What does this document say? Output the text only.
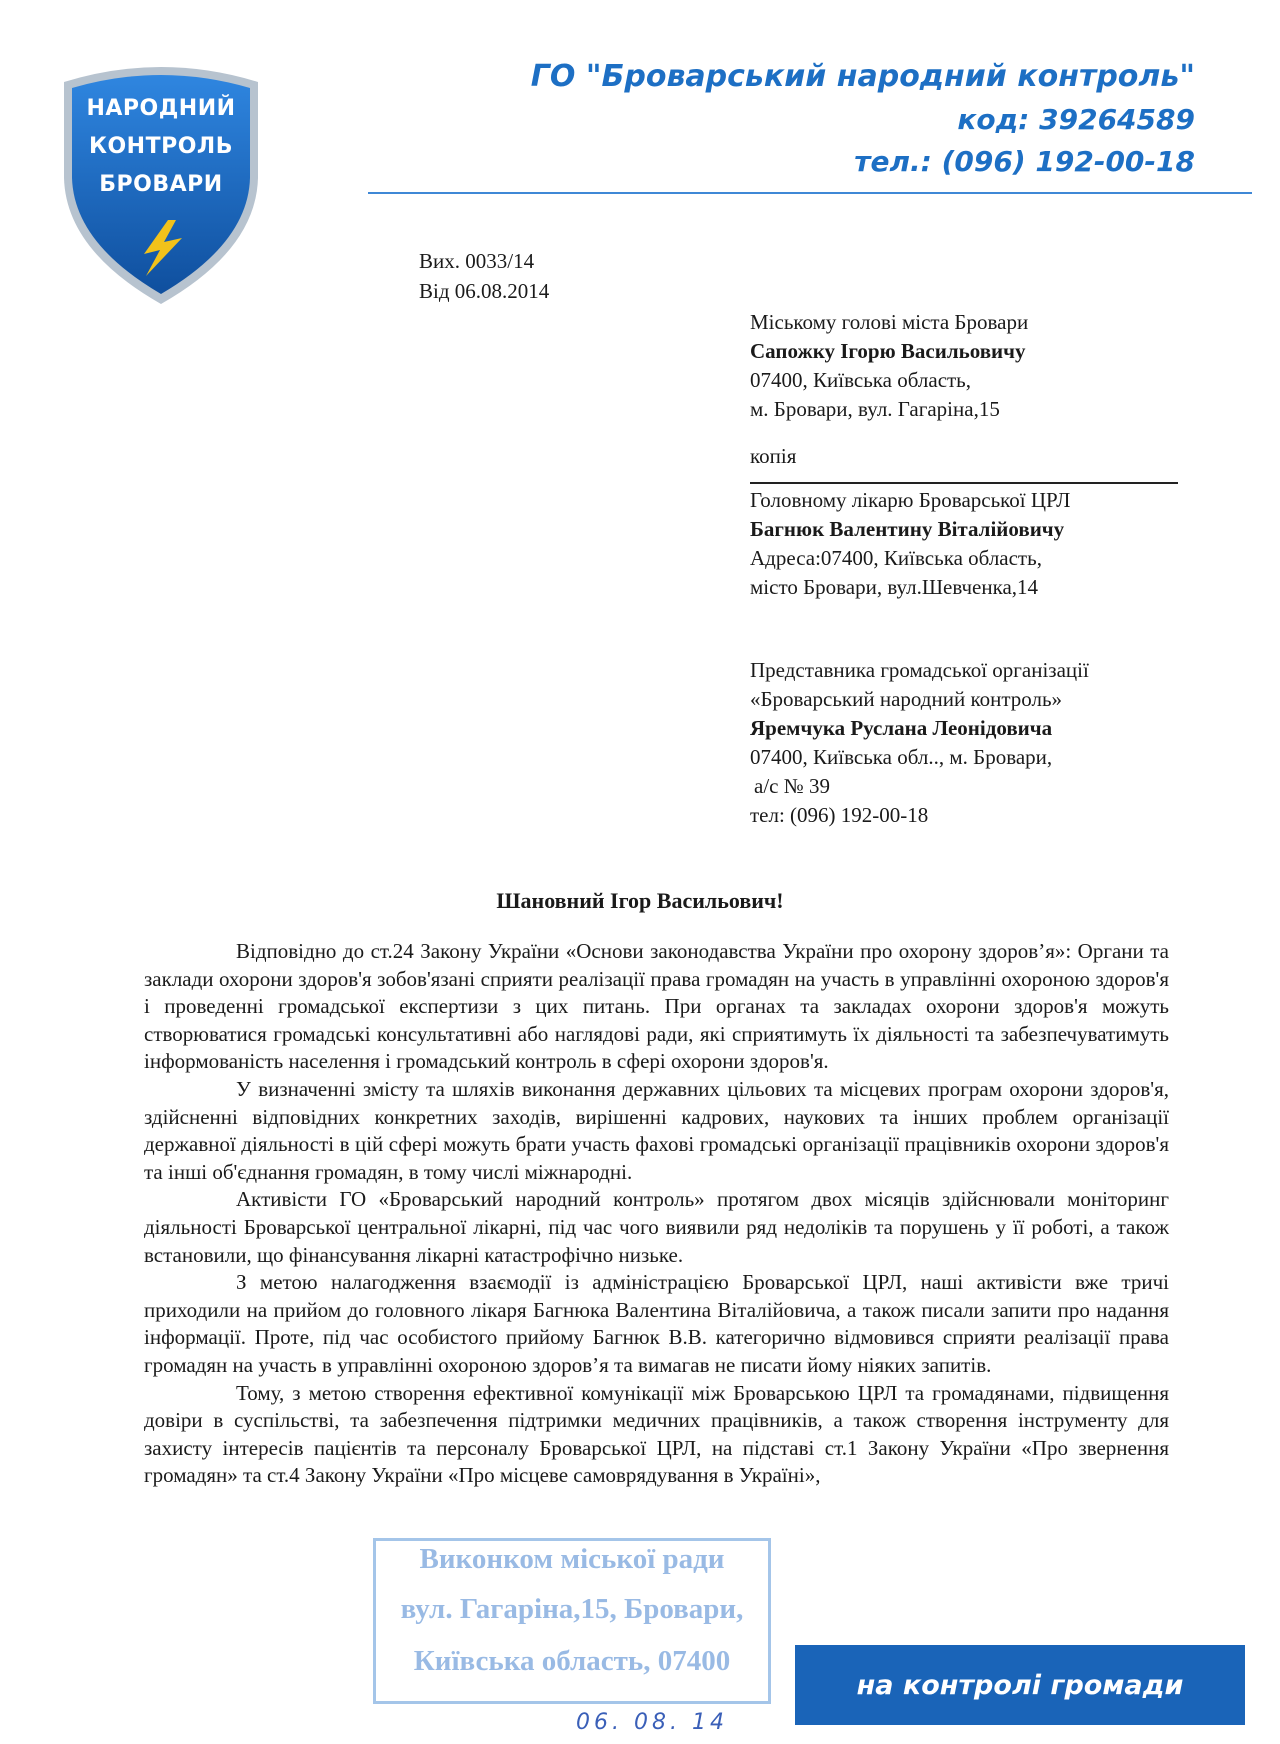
НАРОДНИЙ
КОНТРОЛЬ
БРОВАРИ
ГО "Броварський народний контроль"
код: 39264589
тел.: (096) 192-00-18
Вих. 0033/14
Від 06.08.2014
Міському голові міста Бровари
Сапожку Ігорю Васильовичу
07400, Київська область,
м. Бровари, вул. Гагаріна,15
копія
Головному лікарю Броварської ЦРЛ
Багнюк Валентину Віталійовичу
Адреса:07400, Київська область,
місто Бровари, вул.Шевченка,14
Представника громадської організації
«Броварський народний контроль»
Яремчука Руслана Леонідовича
07400, Київська обл.., м. Бровари,
а/с № 39
тел: (096) 192-00-18
Шановний Ігор Васильович!

Відповідно до ст.24 Закону України «Основи законодавства України про охорону здоров’я»: Органи та заклади охорони здоров'я зобов'язані сприяти реалізації права громадян на участь в управлінні охороною здоров'я і проведенні громадської експертизи з цих питань. При органах та закладах охорони здоров'я можуть створюватися громадські консультативні або наглядові ради, які сприятимуть їх діяльності та забезпечуватимуть інформованість населення і громадський контроль в сфері охорони здоров'я.

У визначенні змісту та шляхів виконання державних цільових та місцевих програм охорони здоров'я, здійсненні відповідних конкретних заходів, вирішенні кадрових, наукових та інших проблем організації державної діяльності в цій сфері можуть брати участь фахові громадські організації працівників охорони здоров'я та інші об'єднання громадян, в тому числі міжнародні.

Активісти ГО «Броварський народний контроль» протягом двох місяців здійснювали моніторинг діяльності Броварської центральної лікарні, під час чого виявили ряд недоліків та порушень у її роботі, а також встановили, що фінансування лікарні катастрофічно низьке.

З метою налагодження взаємодії із адміністрацією Броварської ЦРЛ, наші активісти вже тричі приходили на прийом до головного лікаря Багнюка Валентина Віталійовича, а також писали запити про надання інформації. Проте, під час особистого прийому Багнюк В.В. категорично відмовився сприяти реалізації права громадян на участь в управлінні охороною здоров’я та вимагав не писати йому ніяких запитів.

Тому, з метою створення ефективної комунікації між Броварською ЦРЛ та громадянами, підвищення довіри в суспільстві, та забезпечення підтримки медичних працівників, а також створення інструменту для захисту інтересів пацієнтів та персоналу Броварської ЦРЛ, на підставі ст.1 Закону України «Про звернення громадян» та ст.4 Закону України «Про місцеве самоврядування в Україні»,

Виконком міської ради
вул. Гагаріна,15, Бровари,
Київська область, 07400
06. 08. 14
на контролі громади
